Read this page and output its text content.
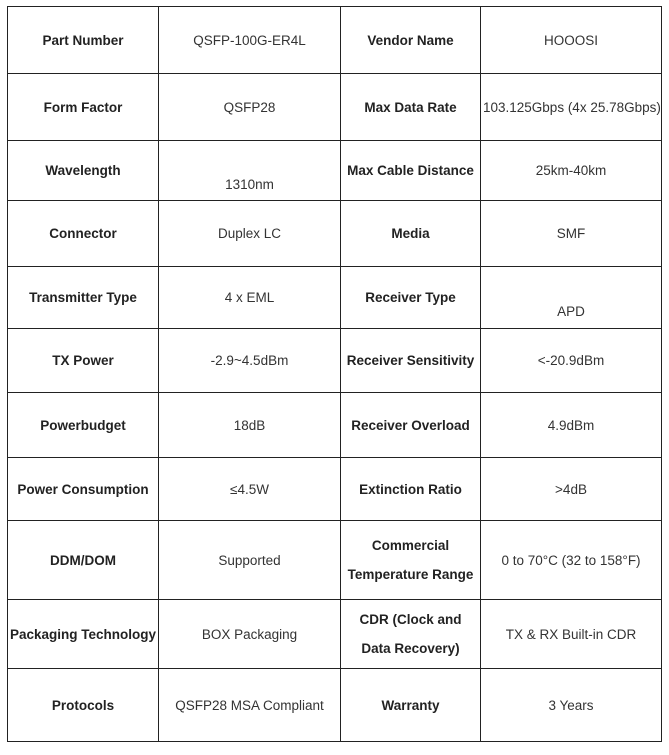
Part Number	QSFP-100G-ER4L	Vendor Name	HOOOSI
Form Factor	QSFP28	Max Data Rate	103.125Gbps (4x 25.78Gbps)
Wavelength	1310nm	Max Cable Distance	25km-40km
Connector	Duplex LC	Media	SMF
Transmitter Type	4 x EML	Receiver Type	APD
TX Power	-2.9~4.5dBm	Receiver Sensitivity	<-20.9dBm
Powerbudget	18dB	Receiver Overload	4.9dBm
Power Consumption	≤4.5W	Extinction Ratio	>4dB
DDM/DOM	Supported	Commercial Temperature Range	0 to 70°C (32 to 158°F)
Packaging Technology	BOX Packaging	CDR (Clock and Data Recovery)	TX & RX Built-in CDR
Protocols	QSFP28 MSA Compliant	Warranty	3 Years
